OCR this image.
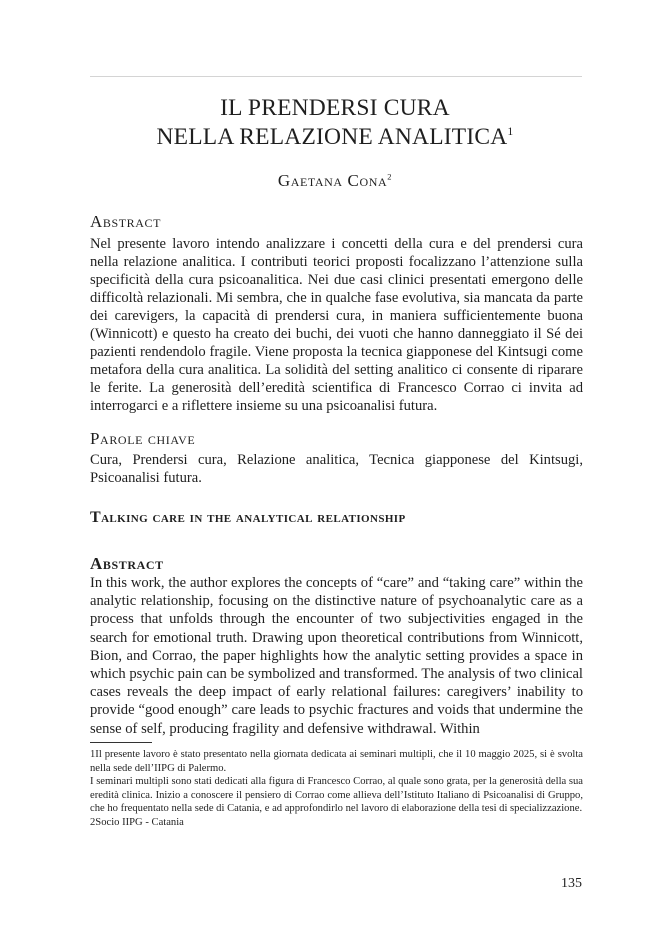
IL PRENDERSI CURA
NELLA RELAZIONE ANALITICA$^1$
Gaetana Cona$^2$
Abstract

Nel presente lavoro intendo analizzare i concetti della cura e del prendersi cura nella relazione analitica. I contributi teorici proposti focalizzano l’attenzione sulla specificità della cura psicoanalitica. Nei due casi clinici presentati emergono delle difficoltà relazionali. Mi sembra, che in qualche fase evolutiva, sia mancata da parte dei carevigers, la capacità di prendersi cura, in maniera sufficientemente buona (Winnicott) e questo ha creato dei buchi, dei vuoti che hanno danneggiato il Sé dei pazienti rendendolo fragile. Viene proposta la tecnica giapponese del Kintsugi come metafora della cura analitica. La solidità del setting analitico ci consente di riparare le ferite. La generosità dell’eredità scientifica di Francesco Corrao ci invita ad interrogarci e a riflettere insieme su una psicoanalisi futura.

Parole chiave

Cura, Prendersi cura, Relazione analitica, Tecnica giapponese del Kintsugi, Psicoanalisi futura.

Talking care in the analytical relationship
Abstract

In this work, the author explores the concepts of “care” and “taking care” within the analytic relationship, focusing on the distinctive nature of psychoanalytic care as a process that unfolds through the encounter of two subjectivities engaged in the search for emotional truth. Drawing upon theoretical contributions from Winnicott, Bion, and Corrao, the paper highlights how the analytic setting provides a space in which psychic pain can be symbolized and transformed. The analysis of two clinical cases reveals the deep impact of early relational failures: caregivers’ inability to provide “good enough” care leads to psychic fractures and voids that undermine the sense of self, producing fragility and defensive withdrawal. Within

1Il presente lavoro è stato presentato nella giornata dedicata ai seminari multipli, che il 10 maggio 2025, si è svolta nella sede dell’IIPG di Palermo.

I seminari multipli sono stati dedicati alla figura di Francesco Corrao, al quale sono grata, per la generosità della sua eredità clinica. Inizio a conoscere il pensiero di Corrao come allieva dell’Istituto Italiano di Psicoanalisi di Gruppo, che ho frequentato nella sede di Catania, e ad approfondirlo nel lavoro di elaborazione della tesi di specializzazione.

2Socio IIPG - Catania

135
